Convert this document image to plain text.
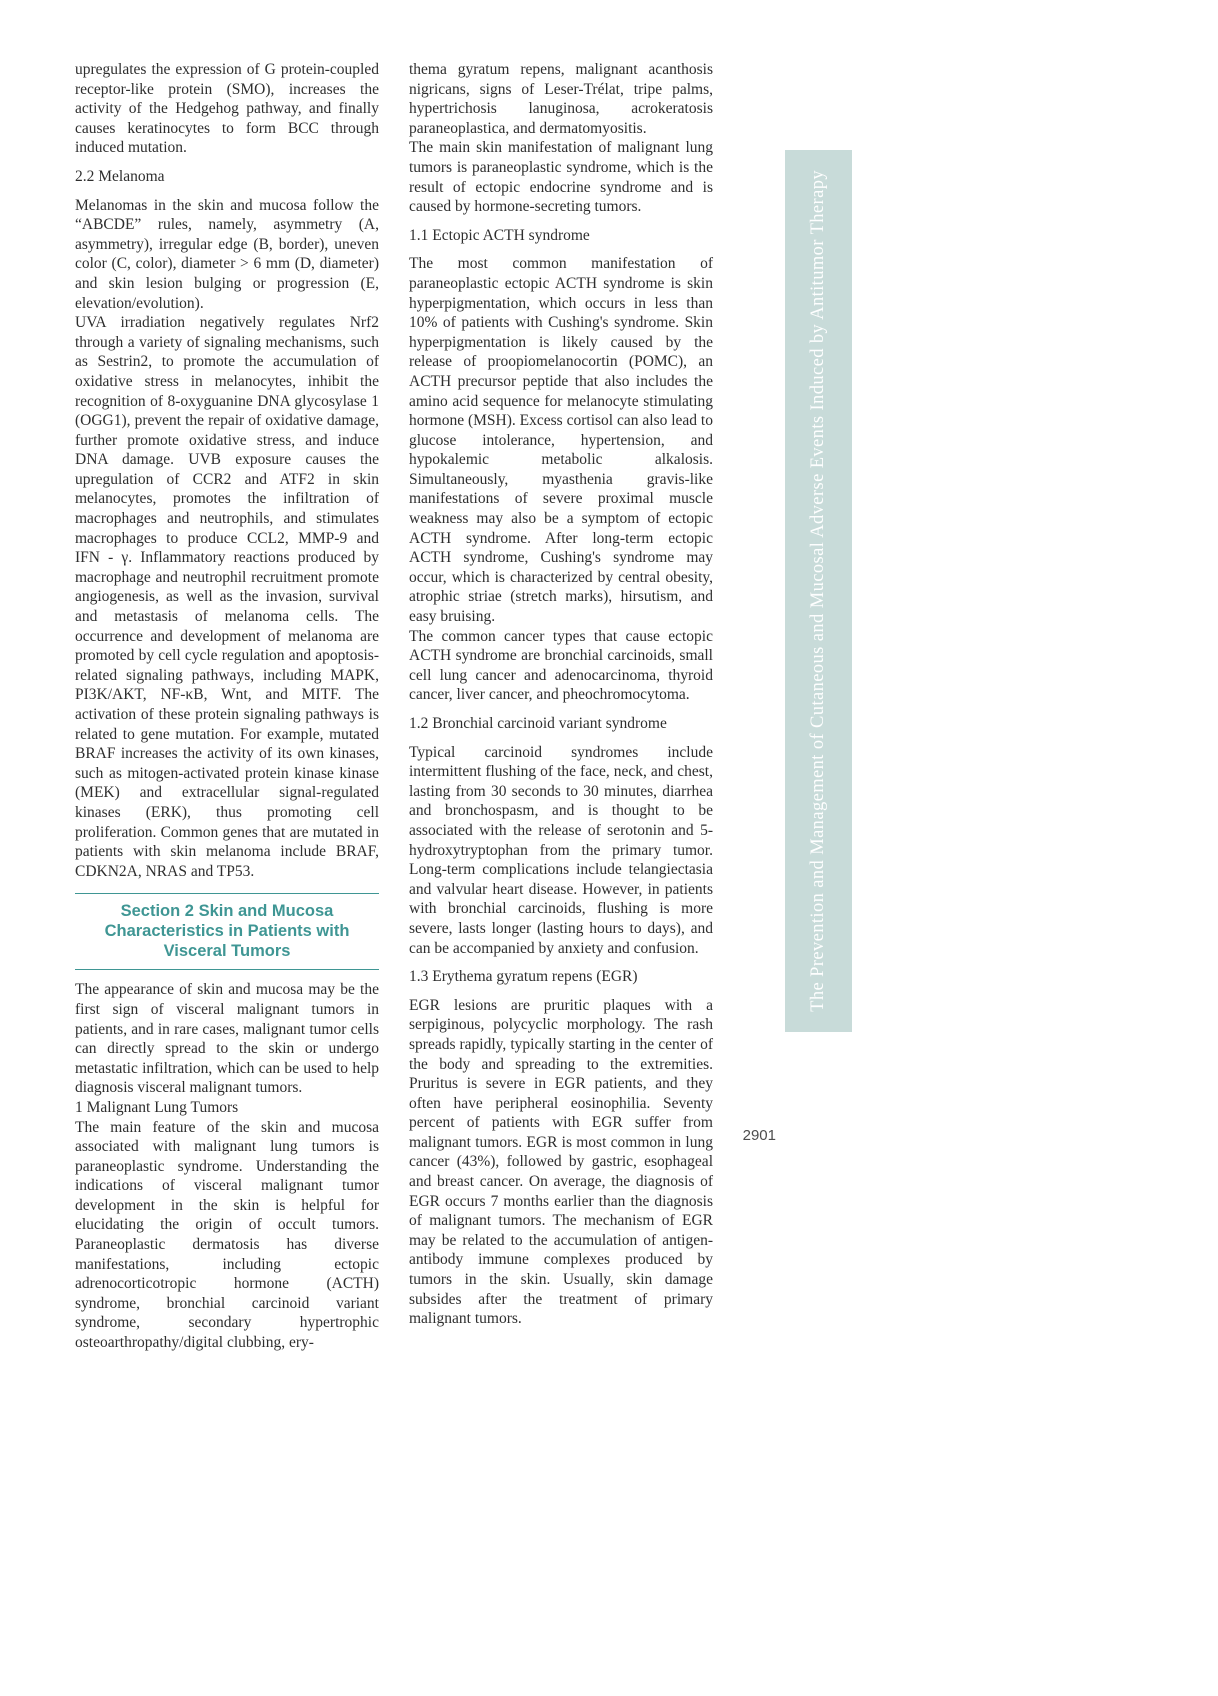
upregulates the expression of G protein-coupled receptor-like protein (SMO), increases the activity of the Hedgehog pathway, and finally causes keratinocytes to form BCC through induced mutation.
2.2 Melanoma
Melanomas in the skin and mucosa follow the “ABCDE” rules, namely, asymmetry (A, asymmetry), irregular edge (B, border), uneven color (C, color), diameter > 6 mm (D, diameter) and skin lesion bulging or progression (E, elevation/evolution).
UVA irradiation negatively regulates Nrf2 through a variety of signaling mechanisms, such as Sestrin2, to promote the accumulation of oxidative stress in melanocytes, inhibit the recognition of 8-oxyguanine DNA glycosylase 1 (OGG1), prevent the repair of oxidative damage, further promote oxidative stress, and induce DNA damage. UVB exposure causes the upregulation of CCR2 and ATF2 in skin melanocytes, promotes the infiltration of macrophages and neutrophils, and stimulates macrophages to produce CCL2, MMP-9 and IFN - γ. Inflammatory reactions produced by macrophage and neutrophil recruitment promote angiogenesis, as well as the invasion, survival and metastasis of melanoma cells. The occurrence and development of melanoma are promoted by cell cycle regulation and apoptosis-related signaling pathways, including MAPK, PI3K/AKT, NF-κB, Wnt, and MITF. The activation of these protein signaling pathways is related to gene mutation. For example, mutated BRAF increases the activity of its own kinases, such as mitogen-activated protein kinase kinase (MEK) and extracellular signal-regulated kinases (ERK), thus promoting cell proliferation. Common genes that are mutated in patients with skin melanoma include BRAF, CDKN2A, NRAS and TP53.
Section 2 Skin and Mucosa Characteristics in Patients with Visceral Tumors
The appearance of skin and mucosa may be the first sign of visceral malignant tumors in patients, and in rare cases, malignant tumor cells can directly spread to the skin or undergo metastatic infiltration, which can be used to help diagnosis visceral malignant tumors.
1 Malignant Lung Tumors
The main feature of the skin and mucosa associated with malignant lung tumors is paraneoplastic syndrome. Understanding the indications of visceral malignant tumor development in the skin is helpful for elucidating the origin of occult tumors. Paraneoplastic dermatosis has diverse manifestations, including ectopic adrenocorticotropic hormone (ACTH) syndrome, bronchial carcinoid variant syndrome, secondary hypertrophic osteoarthropathy/digital clubbing, ery-
thema gyratum repens, malignant acanthosis nigricans, signs of Leser-Trélat, tripe palms, hypertrichosis lanuginosa, acrokeratosis paraneoplastica, and dermatomyositis.
The main skin manifestation of malignant lung tumors is paraneoplastic syndrome, which is the result of ectopic endocrine syndrome and is caused by hormone-secreting tumors.
1.1 Ectopic ACTH syndrome
The most common manifestation of paraneoplastic ectopic ACTH syndrome is skin hyperpigmentation, which occurs in less than 10% of patients with Cushing's syndrome. Skin hyperpigmentation is likely caused by the release of proopiomelanocortin (POMC), an ACTH precursor peptide that also includes the amino acid sequence for melanocyte stimulating hormone (MSH). Excess cortisol can also lead to glucose intolerance, hypertension, and hypokalemic metabolic alkalosis. Simultaneously, myasthenia gravis-like manifestations of severe proximal muscle weakness may also be a symptom of ectopic ACTH syndrome. After long-term ectopic ACTH syndrome, Cushing's syndrome may occur, which is characterized by central obesity, atrophic striae (stretch marks), hirsutism, and easy bruising.
The common cancer types that cause ectopic ACTH syndrome are bronchial carcinoids, small cell lung cancer and adenocarcinoma, thyroid cancer, liver cancer, and pheochromocytoma.
1.2 Bronchial carcinoid variant syndrome
Typical carcinoid syndromes include intermittent flushing of the face, neck, and chest, lasting from 30 seconds to 30 minutes, diarrhea and bronchospasm, and is thought to be associated with the release of serotonin and 5-hydroxytryptophan from the primary tumor. Long-term complications include telangiectasia and valvular heart disease. However, in patients with bronchial carcinoids, flushing is more severe, lasts longer (lasting hours to days), and can be accompanied by anxiety and confusion.
1.3 Erythema gyratum repens (EGR)
EGR lesions are pruritic plaques with a serpiginous, polycyclic morphology. The rash spreads rapidly, typically starting in the center of the body and spreading to the extremities. Pruritus is severe in EGR patients, and they often have peripheral eosinophilia. Seventy percent of patients with EGR suffer from malignant tumors. EGR is most common in lung cancer (43%), followed by gastric, esophageal and breast cancer. On average, the diagnosis of EGR occurs 7 months earlier than the diagnosis of malignant tumors. The mechanism of EGR may be related to the accumulation of antigen-antibody immune complexes produced by tumors in the skin. Usually, skin damage subsides after the treatment of primary malignant tumors.
The Prevention and Management of Cutaneous and Mucosal Adverse Events Induced by Antitumor Therapy
2901
